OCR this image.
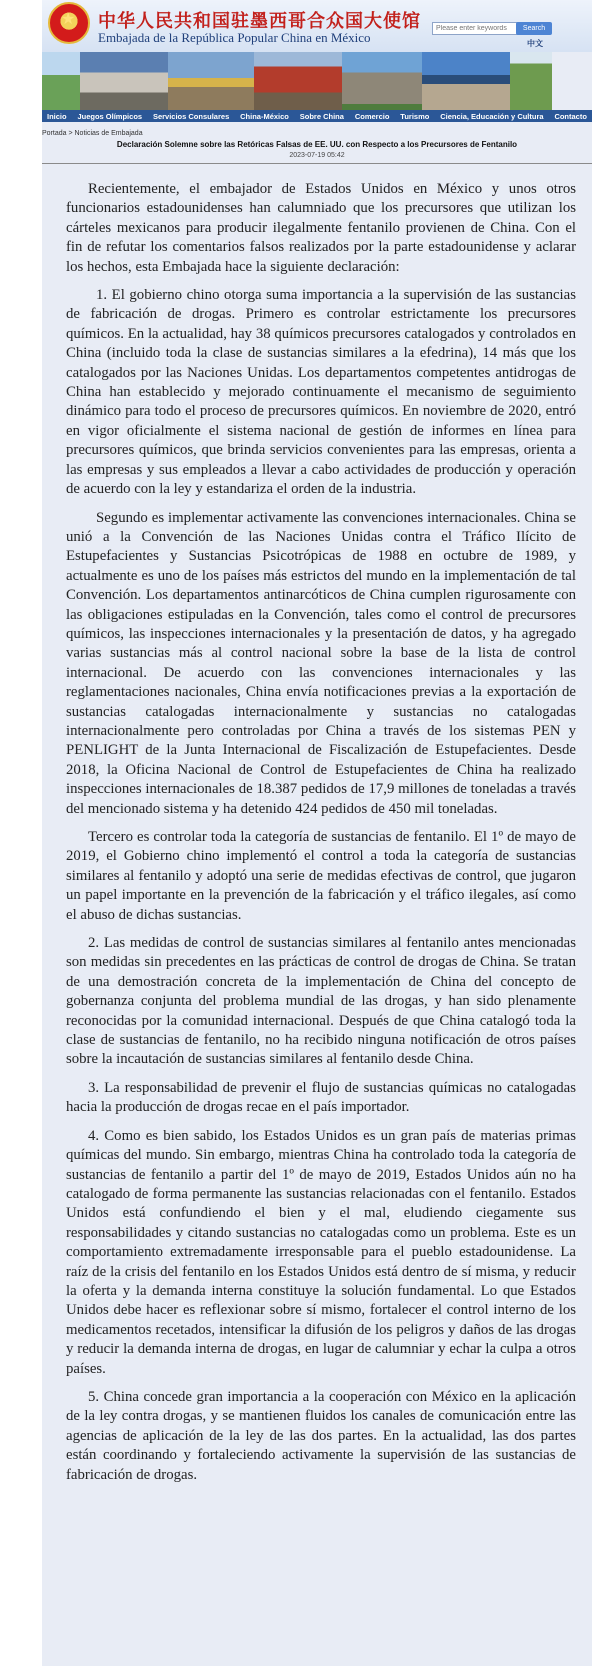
★
中华人民共和国驻墨西哥合众国大使馆
Embajada de la República Popular China en México
Please enter keywords
Search
中文
Inicio Juegos Olímpicos Servicios Consulares China-México Sobre China Comercio Turismo Ciencia, Educación y Cultura Contacto
Portada > Noticias de Embajada
Declaración Solemne sobre las Retóricas Falsas de EE. UU. con Respecto a los Precursores de Fentanilo
2023-07-19 05:42

Recientemente, el embajador de Estados Unidos en México y unos otros funcionarios estadounidenses han calumniado que los precursores que utilizan los cárteles mexicanos para producir ilegalmente fentanilo provienen de China. Con el fin de refutar los comentarios falsos realizados por la parte estadounidense y aclarar los hechos, esta Embajada hace la siguiente declaración:

1. El gobierno chino otorga suma importancia a la supervisión de las sustancias de fabricación de drogas. Primero es controlar estrictamente los precursores químicos. En la actualidad, hay 38 químicos precursores catalogados y controlados en China (incluido toda la clase de sustancias similares a la efedrina), 14 más que los catalogados por las Naciones Unidas. Los departamentos competentes antidrogas de China han establecido y mejorado continuamente el mecanismo de seguimiento dinámico para todo el proceso de precursores químicos. En noviembre de 2020, entró en vigor oficialmente el sistema nacional de gestión de informes en línea para precursores químicos, que brinda servicios convenientes para las empresas, orienta a las empresas y sus empleados a llevar a cabo actividades de producción y operación de acuerdo con la ley y estandariza el orden de la industria.

Segundo es implementar activamente las convenciones internacionales. China se unió a la Convención de las Naciones Unidas contra el Tráfico Ilícito de Estupefacientes y Sustancias Psicotrópicas de 1988 en octubre de 1989, y actualmente es uno de los países más estrictos del mundo en la implementación de tal Convención. Los departamentos antinarcóticos de China cumplen rigurosamente con las obligaciones estipuladas en la Convención, tales como el control de precursores químicos, las inspecciones internacionales y la presentación de datos, y ha agregado varias sustancias más al control nacional sobre la base de la lista de control internacional. De acuerdo con las convenciones internacionales y las reglamentaciones nacionales, China envía notificaciones previas a la exportación de sustancias catalogadas internacionalmente y sustancias no catalogadas internacionalmente pero controladas por China a través de los sistemas PEN y PENLIGHT de la Junta Internacional de Fiscalización de Estupefacientes. Desde 2018, la Oficina Nacional de Control de Estupefacientes de China ha realizado inspecciones internacionales de 18.387 pedidos de 17,9 millones de toneladas a través del mencionado sistema y ha detenido 424 pedidos de 450 mil toneladas.

Tercero es controlar toda la categoría de sustancias de fentanilo. El 1º de mayo de 2019, el Gobierno chino implementó el control a toda la categoría de sustancias similares al fentanilo y adoptó una serie de medidas efectivas de control, que jugaron un papel importante en la prevención de la fabricación y el tráfico ilegales, así como el abuso de dichas sustancias.

2. Las medidas de control de sustancias similares al fentanilo antes mencionadas son medidas sin precedentes en las prácticas de control de drogas de China. Se tratan de una demostración concreta de la implementación de China del concepto de gobernanza conjunta del problema mundial de las drogas, y han sido plenamente reconocidas por la comunidad internacional. Después de que China catalogó toda la clase de sustancias de fentanilo, no ha recibido ninguna notificación de otros países sobre la incautación de sustancias similares al fentanilo desde China.

3. La responsabilidad de prevenir el flujo de sustancias químicas no catalogadas hacia la producción de drogas recae en el país importador.

4. Como es bien sabido, los Estados Unidos es un gran país de materias primas químicas del mundo. Sin embargo, mientras China ha controlado toda la categoría de sustancias de fentanilo a partir del 1º de mayo de 2019, Estados Unidos aún no ha catalogado de forma permanente las sustancias relacionadas con el fentanilo. Estados Unidos está confundiendo el bien y el mal, eludiendo ciegamente sus responsabilidades y citando sustancias no catalogadas como un problema. Este es un comportamiento extremadamente irresponsable para el pueblo estadounidense. La raíz de la crisis del fentanilo en los Estados Unidos está dentro de sí misma, y reducir la oferta y la demanda interna constituye la solución fundamental. Lo que Estados Unidos debe hacer es reflexionar sobre sí mismo, fortalecer el control interno de los medicamentos recetados, intensificar la difusión de los peligros y daños de las drogas y reducir la demanda interna de drogas, en lugar de calumniar y echar la culpa a otros países.

5. China concede gran importancia a la cooperación con México en la aplicación de la ley contra drogas, y se mantienen fluidos los canales de comunicación entre las agencias de aplicación de la ley de las dos partes. En la actualidad, las dos partes están coordinando y fortaleciendo activamente la supervisión de las sustancias de fabricación de drogas.
